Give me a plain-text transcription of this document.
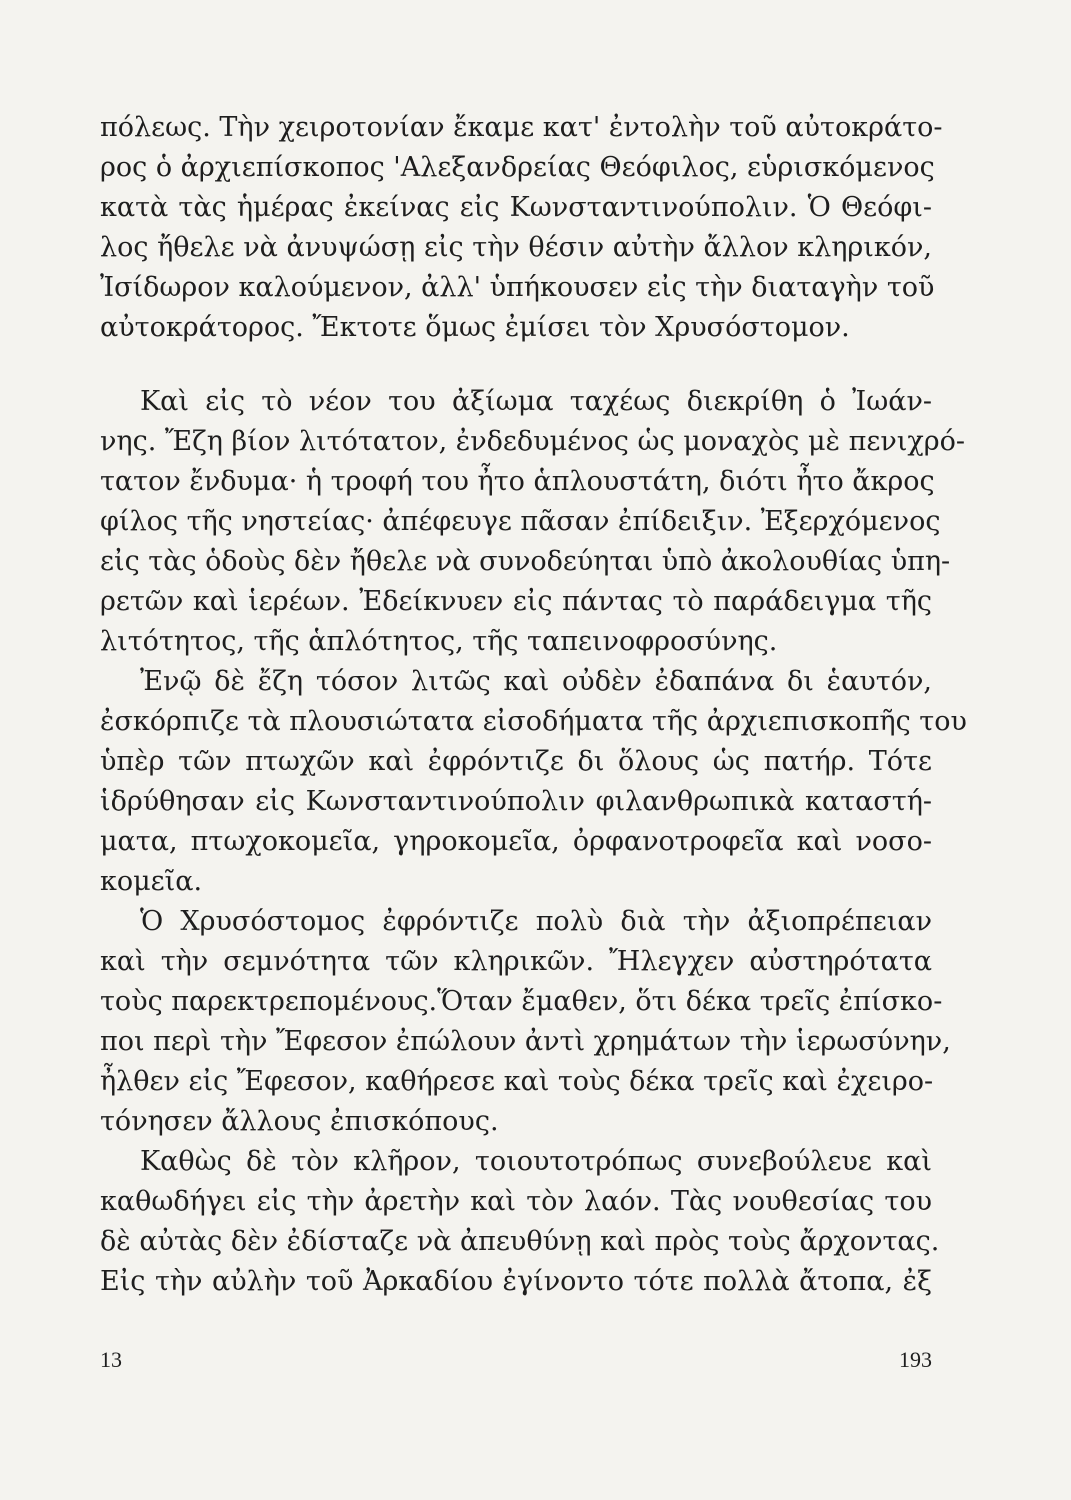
πόλεως. Τὴν χειροτονίαν ἔκαμε κατ' ἐντολὴν τοῦ αὐτοκράτο-
ρος ὁ ἀρχιεπίσκοπος 'Αλεξανδρείας Θεόφιλος, εὑρισκόμενος
κατὰ τὰς ἡμέρας ἐκείνας εἰς Κωνσταντινούπολιν. Ὁ Θεόφι-
λος ἤθελε νὰ ἀνυψώσῃ εἰς τὴν θέσιν αὐτὴν ἄλλον κληρικόν,
Ἰσίδωρον καλούμενον, ἀλλ' ὑπήκουσεν εἰς τὴν διαταγὴν τοῦ
αὐτοκράτορος. Ἔκτοτε ὅμως ἐμίσει τὸν Χρυσόστομον.
Καὶ εἰς τὸ νέον του ἀξίωμα ταχέως διεκρίθη ὁ Ἰωάν-
νης. Ἔζη βίον λιτότατον, ἐνδεδυμένος ὡς μοναχὸς μὲ πενιχρό-
τατον ἔνδυμα· ἡ τροφή του ἦτο ἁπλουστάτη, διότι ἦτο ἄκρος
φίλος τῆς νηστείας· ἀπέφευγε πᾶσαν ἐπίδειξιν. Ἐξερχόμενος
εἰς τὰς ὁδοὺς δὲν ἤθελε νὰ συνοδεύηται ὑπὸ ἀκολουθίας ὑπη-
ρετῶν καὶ ἱερέων. Ἐδείκνυεν εἰς πάντας τὸ παράδειγμα τῆς
λιτότητος, τῆς ἁπλότητος, τῆς ταπεινοφροσύνης.
Ἐνῷ δὲ ἔζη τόσον λιτῶς καὶ οὐδὲν ἐδαπάνα δι ἑαυτόν,
ἐσκόρπιζε τὰ πλουσιώτατα εἰσοδήματα τῆς ἀρχιεπισκοπῆς του
ὑπὲρ τῶν πτωχῶν καὶ ἐφρόντιζε δι ὅλους ὡς πατήρ. Τότε
ἱδρύθησαν εἰς Κωνσταντινούπολιν φιλανθρωπικὰ καταστή-
ματα, πτωχοκομεῖα, γηροκομεῖα, ὀρφανοτροφεῖα καὶ νοσο-
κομεῖα.
Ὁ Χρυσόστομος ἐφρόντιζε πολὺ διὰ τὴν ἀξιοπρέπειαν
καὶ τὴν σεμνότητα τῶν κληρικῶν. Ἤλεγχεν αὐστηρότατα
τοὺς παρεκτρεπομένους.Ὅταν ἔμαθεν, ὅτι δέκα τρεῖς ἐπίσκο-
ποι περὶ τὴν Ἔφεσον ἐπώλουν ἀντὶ χρημάτων τὴν ἱερωσύνην,
ἦλθεν εἰς Ἔφεσον, καθήρεσε καὶ τοὺς δέκα τρεῖς καὶ ἐχειρο-
τόνησεν ἄλλους ἐπισκόπους.
Καθὼς δὲ τὸν κλῆρον, τοιουτοτρόπως συνεβούλευε καὶ
καθωδήγει εἰς τὴν ἀρετὴν καὶ τὸν λαόν. Τὰς νουθεσίας του
δὲ αὐτὰς δὲν ἐδίσταζε νὰ ἀπευθύνῃ καὶ πρὸς τοὺς ἄρχοντας.
Εἰς τὴν αὐλὴν τοῦ Ἀρκαδίου ἐγίνοντο τότε πολλὰ ἄτοπα, ἐξ
13	193
